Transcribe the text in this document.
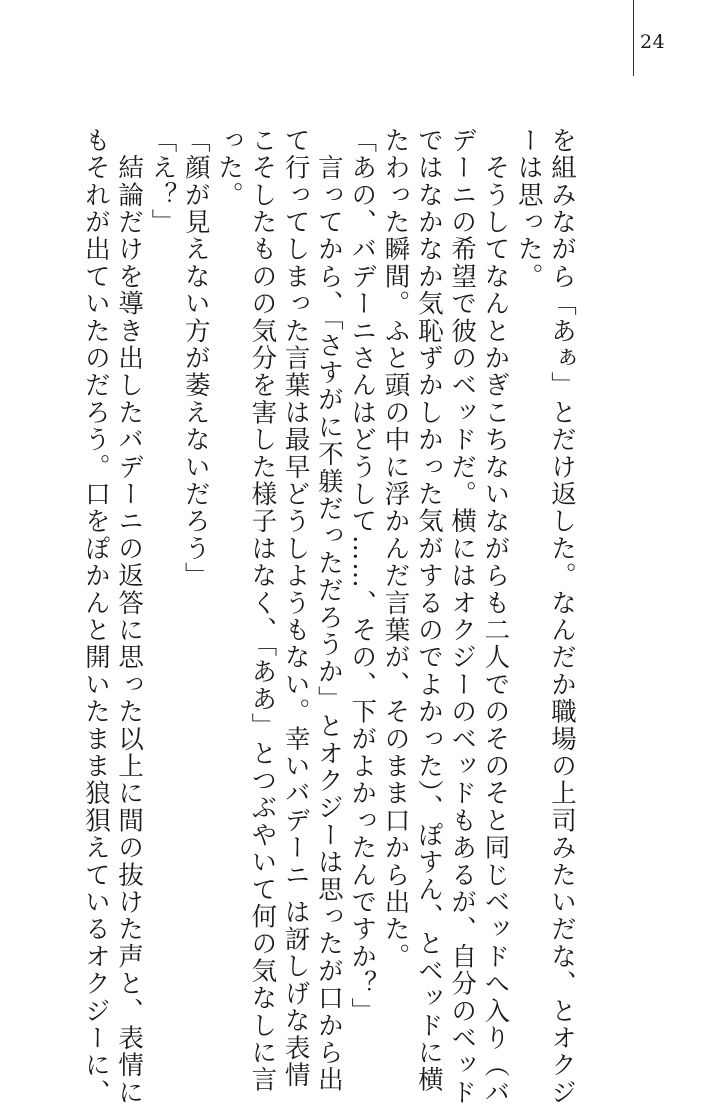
24
を組みながら「あぁ」とだけ返した。なんだか職場の上司みたいだな、とオクジ
ーは思った。
　そうしてなんとかぎこちないながらも二人でのそのそと同じベッドへ入り（バ
デーニの希望で彼のベッドだ。横にはオクジーのベッドもあるが、自分のベッド
ではなかなか気恥ずかしかった気がするのでよかった）、ぽすん、とベッドに横
たわった瞬間。ふと頭の中に浮かんだ言葉が、そのまま口から出た。
「あの、バデーニさんはどうして……、その、下がよかったんですか？」
　言ってから、「さすがに不躾だっただろうか」とオクジーは思ったが口から出
て行ってしまった言葉は最早どうしようもない。幸いバデーニ は訝しげな表情
こそしたものの気分を害した様子はなく、「ああ」とつぶやいて何の気なしに言
った。
「顔が見えない方が萎えないだろう」
「え？」
　結論だけを導き出したバデーニの返答に思った以上に間の抜けた声と、表情に
もそれが出ていたのだろう。口をぽかんと開いたまま狼狽えているオクジーに、
